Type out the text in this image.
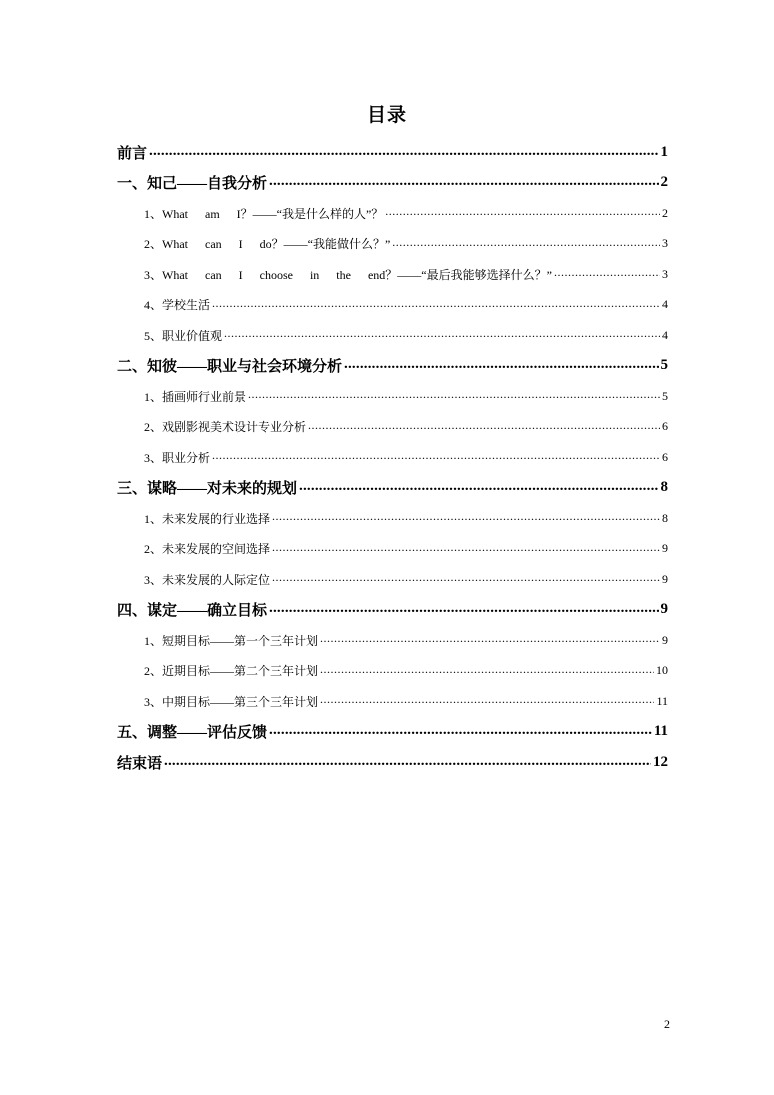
目录
前言 .....	1
一、知己——自我分析 .....	2
1、What am I？——“我是什么样的人”？ .....	2
2、What can I do？——“我能做什么？” .....	3
3、What can I choose in the end？——“最后我能够选择什么？” .....	3
4、学校生活 .....	4
5、职业价值观 .....	4
二、知彼——职业与社会环境分析 .....	5
1、插画师行业前景 .....	5
2、戏剧影视美术设计专业分析 .....	6
3、职业分析 .....	6
三、谋略——对未来的规划 .....	8
1、未来发展的行业选择 .....	8
2、未来发展的空间选择 .....	9
3、未来发展的人际定位 .....	9
四、谋定——确立目标 .....	9
1、短期目标——第一个三年计划 .....	9
2、近期目标——第二个三年计划 .....	10
3、中期目标——第三个三年计划 .....	11
五、调整——评估反馈 .....	11
结束语 .....	12
2
